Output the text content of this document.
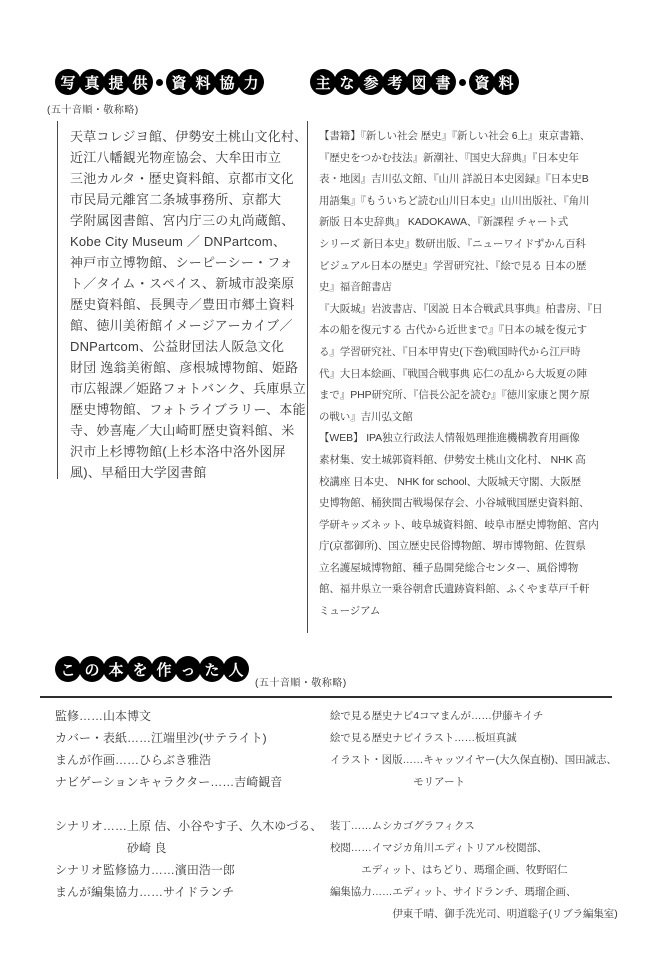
写 真 提 供	資 料 協 力
(五十音順・敬称略)
主 な 参 考 図 書	資 料
天草コレジヨ館、伊勢安土桃山文化村、
近江八幡観光物産協会、大牟田市立
三池カルタ・歴史資料館、京都市文化
市民局元離宮二条城事務所、京都大
学附属図書館、宮内庁三の丸尚蔵館、
Kobe City Museum ／ DNPartcom、
神戸市立博物館、シーピーシー・フォ
ト／タイム・スペイス、新城市設楽原
歴史資料館、長興寺／豊田市郷土資料
館、徳川美術館イメージアーカイブ／
DNPartcom、公益財団法人阪急文化
財団 逸翁美術館、彦根城博物館、姫路
市広報課／姫路フォトバンク、兵庫県立
歴史博物館、フォトライブラリー、本能
寺、妙喜庵／大山崎町歴史資料館、米
沢市上杉博物館(上杉本洛中洛外図屏
風)、早稲田大学図書館
【書籍】『新しい社会 歴史』『新しい社会 6上』東京書籍、
『歴史をつかむ技法』新潮社、『国史大辞典』『日本史年
表・地図』吉川弘文館、『山川 詳説日本史図録』『日本史B
用語集』『もういちど読む山川日本史』山川出版社、『角川
新版 日本史辞典』 KADOKAWA、『新課程 チャート式
シリーズ 新日本史』数研出版、『ニューワイドずかん百科
ビジュアル日本の歴史』学習研究社、『絵で見る 日本の歴
史』福音館書店
『大阪城』岩波書店、『図説 日本合戦武具事典』柏書房、『日
本の船を復元する 古代から近世まで』『日本の城を復元す
る』学習研究社、『日本甲冑史(下巻)戦国時代から江戸時
代』大日本絵画、『戦国合戦事典 応仁の乱から大坂夏の陣
まで』PHP研究所、『信長公記を読む』『徳川家康と関ケ原
の戦い』吉川弘文館
【WEB】 IPA独立行政法人情報処理推進機構教育用画像
素材集、安土城郭資料館、伊勢安土桃山文化村、 NHK 高
校講座 日本史、 NHK for school、大阪城天守閣、大阪歴
史博物館、桶狭間古戦場保存会、小谷城戦国歴史資料館、
学研キッズネット、岐阜城資料館、岐阜市歴史博物館、宮内
庁(京都御所)、国立歴史民俗博物館、堺市博物館、佐賀県
立名護屋城博物館、種子島開発総合センター、風俗博物
館、福井県立一乗谷朝倉氏遺跡資料館、ふくやま草戸千軒
ミュージアム
こ の 本 を 作 っ た 人
(五十音順・敬称略)
監修……山本博文
カバー・表紙……江端里沙(サテライト)
まんが作画……ひらぶき雅浩
ナビゲーションキャラクター……吉崎観音

シナリオ……上原 佶、小谷やす子、久木ゆづる、
　　　　　　砂崎 良
シナリオ監修協力……濱田浩一郎
まんが編集協力……サイドランチ
絵で見る歴史ナビ4コマまんが……伊藤キイチ
絵で見る歴史ナビイラスト……板垣真誠
イラスト・図版……キャッツイヤー(大久保直樹)、国田誠志、
　　　　　　　　モリアート

装丁……ムシカゴグラフィクス
校閲……イマジカ角川エディトリアル校閲部、
　　　エディット、はちどり、瑪瑠企画、牧野昭仁
編集協力……エディット、サイドランチ、瑪瑠企画、
　　　　　　伊東千晴、御手洗光司、明道聡子(リブラ編集室)
